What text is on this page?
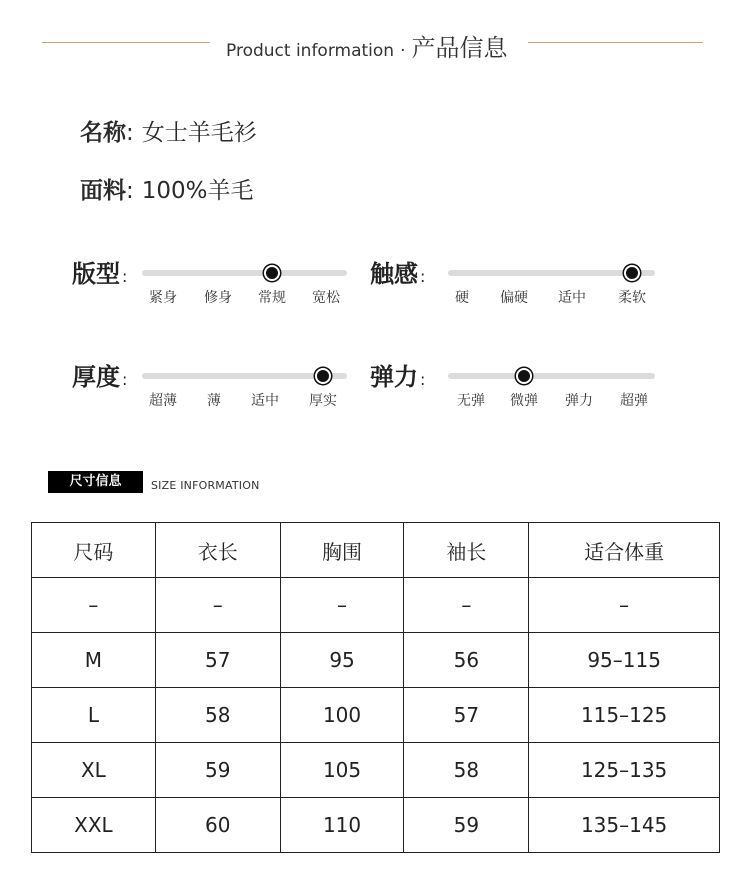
Product information · 产品信息
名称: 女士羊毛衫
面料: 100%羊毛
版型 :
紧身 修身 常规 宽松
触感 :
硬 偏硬 适中 柔软
厚度 :
超薄 薄 适中 厚实
弹力 :
无弹 微弹 弹力 超弹
尺寸信息	SIZE INFORMATION
尺码	衣长	胸围	袖长	适合体重
–	–	–	–	–
M	57	95	56	95–115
L	58	100	57	115–125
XL	59	105	58	125–135
XXL	60	110	59	135–145
